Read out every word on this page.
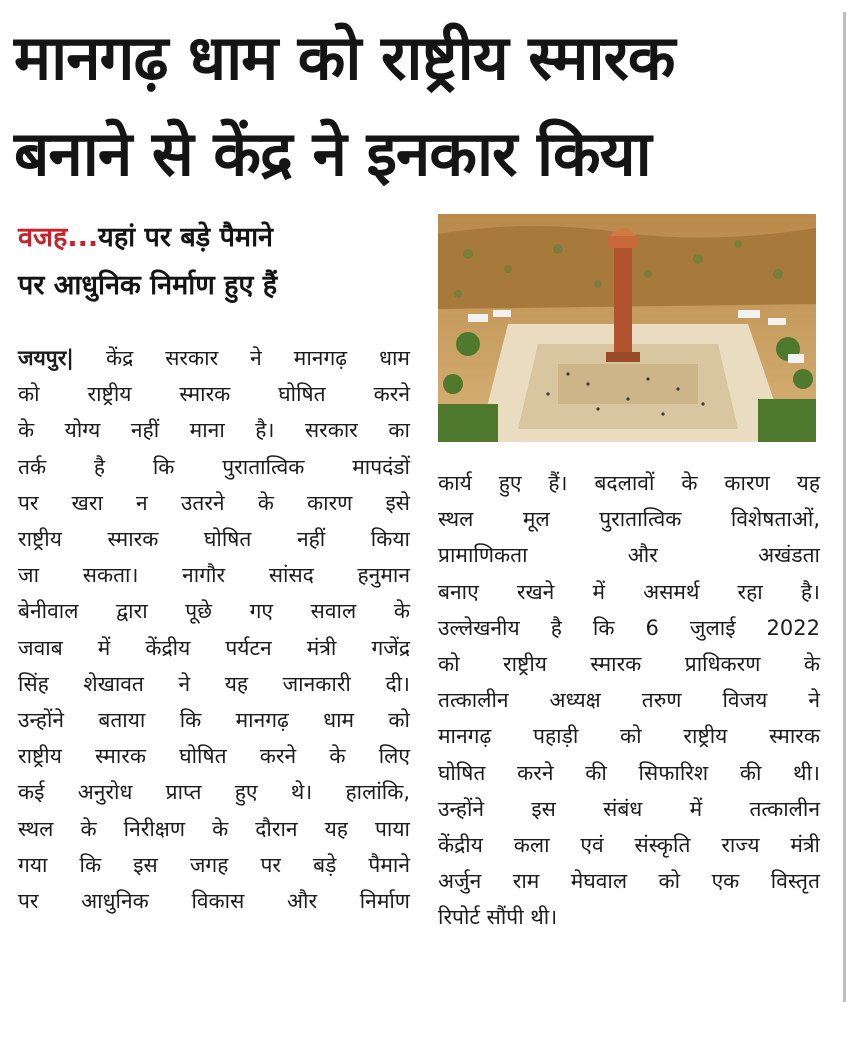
मानगढ़ धाम को राष्ट्रीय स्मारक
बनाने से केंद्र ने इनकार किया
वजह...यहां पर बड़े पैमाने
पर आधुनिक निर्माण हुए हैं
जयपुर| केंद्र सरकार ने मानगढ़ धाम
को राष्ट्रीय स्मारक घोषित करने
के योग्य नहीं माना है। सरकार का
तर्क है कि पुरातात्विक मापदंडों
पर खरा न उतरने के कारण इसे
राष्ट्रीय स्मारक घोषित नहीं किया
जा सकता। नागौर सांसद हनुमान
बेनीवाल द्वारा पूछे गए सवाल के
जवाब में केंद्रीय पर्यटन मंत्री गजेंद्र
सिंह शेखावत ने यह जानकारी दी।
उन्होंने बताया कि मानगढ़ धाम को
राष्ट्रीय स्मारक घोषित करने के लिए
कई अनुरोध प्राप्त हुए थे। हालांकि,
स्थल के निरीक्षण के दौरान यह पाया
गया कि इस जगह पर बड़े पैमाने
पर आधुनिक विकास और निर्माण
कार्य हुए हैं। बदलावों के कारण यह
स्थल मूल पुरातात्विक विशेषताओं,
प्रामाणिकता और अखंडता
बनाए रखने में असमर्थ रहा है।
उल्लेखनीय है कि 6 जुलाई 2022
को राष्ट्रीय स्मारक प्राधिकरण के
तत्कालीन अध्यक्ष तरुण विजय ने
मानगढ़ पहाड़ी को राष्ट्रीय स्मारक
घोषित करने की सिफारिश की थी।
उन्होंने इस संबंध में तत्कालीन
केंद्रीय कला एवं संस्कृति राज्य मंत्री
अर्जुन राम मेघवाल को एक विस्तृत
रिपोर्ट सौंपी थी।
